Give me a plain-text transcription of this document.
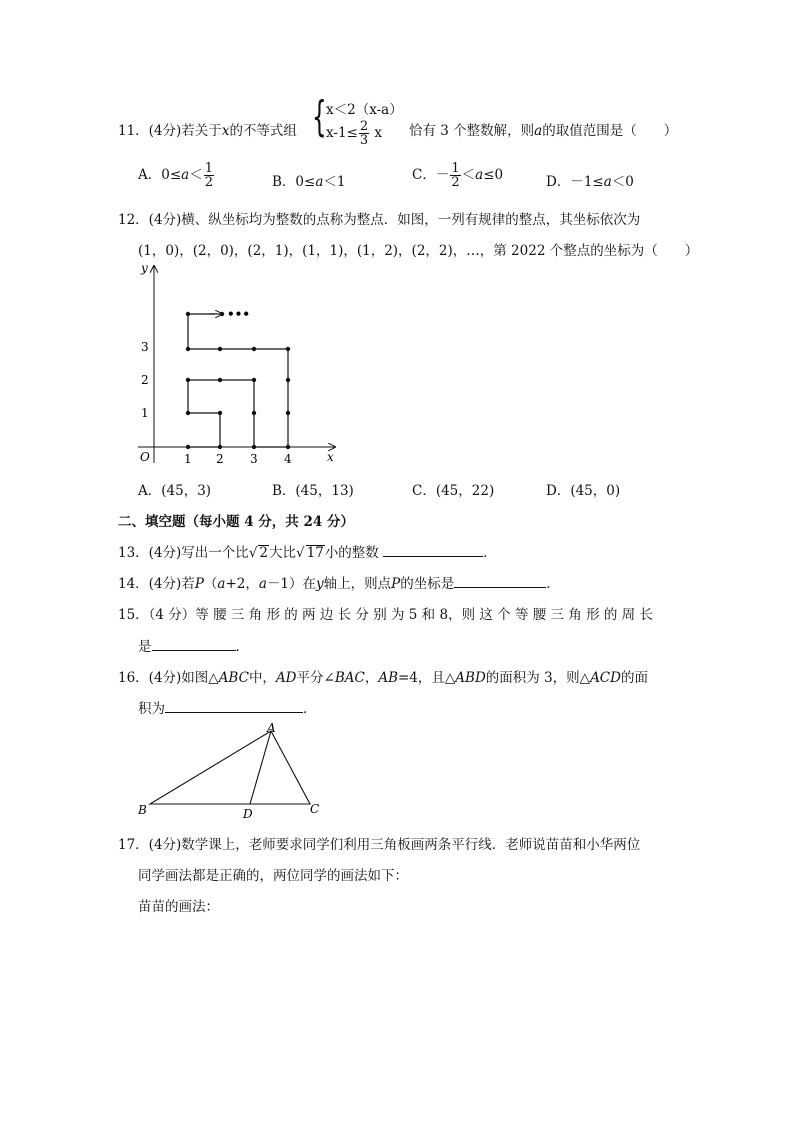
11．(4分)若关于x的不等式组 { x＜2（x-a）
$x-1\le \frac{2}{3}$ x 恰有 3 个整数解，则a的取值范围是（　　）
A．$0\le a< \frac{1}{2}$	B．0≤a＜1	C．－ $\frac{1}{2} <a\le 0$	D．－1≤a＜0
12．(4分)横、纵坐标均为整数的点称为整点．如图，一列有规律的整点，其坐标依次为
(1，0)，(2，0)，(2，1)，(1，1)，(1，2)，(2，2)，…，第 2022 个整点的坐标为（　　）
•••
y
x
O	1 2 3 4
1
2
3
A．(45，3)	B．(45，13)	C．(45，22)	D．(45，0)
二、填空题（每小题 4 分，共 24 分）
13．(4分)写出一个比√ 2大比√ 17小的整数	．
14．(4分)若P（a+2，a－1）在y轴上，则点P的坐标是	．
15．（4 分）等 腰 三 角 形 的 两 边 长 分 别 为 5 和 8，则 这 个 等 腰 三 角 形 的 周 长
是	．
16．(4分)如图△ABC中，AD平分∠BAC，AB=4，且△ABD的面积为 3，则△ACD的面
积为	．
A
B	C
D
17．(4分)数学课上，老师要求同学们利用三角板画两条平行线．老师说苗苗和小华两位
同学画法都是正确的，两位同学的画法如下：
苗苗的画法：
